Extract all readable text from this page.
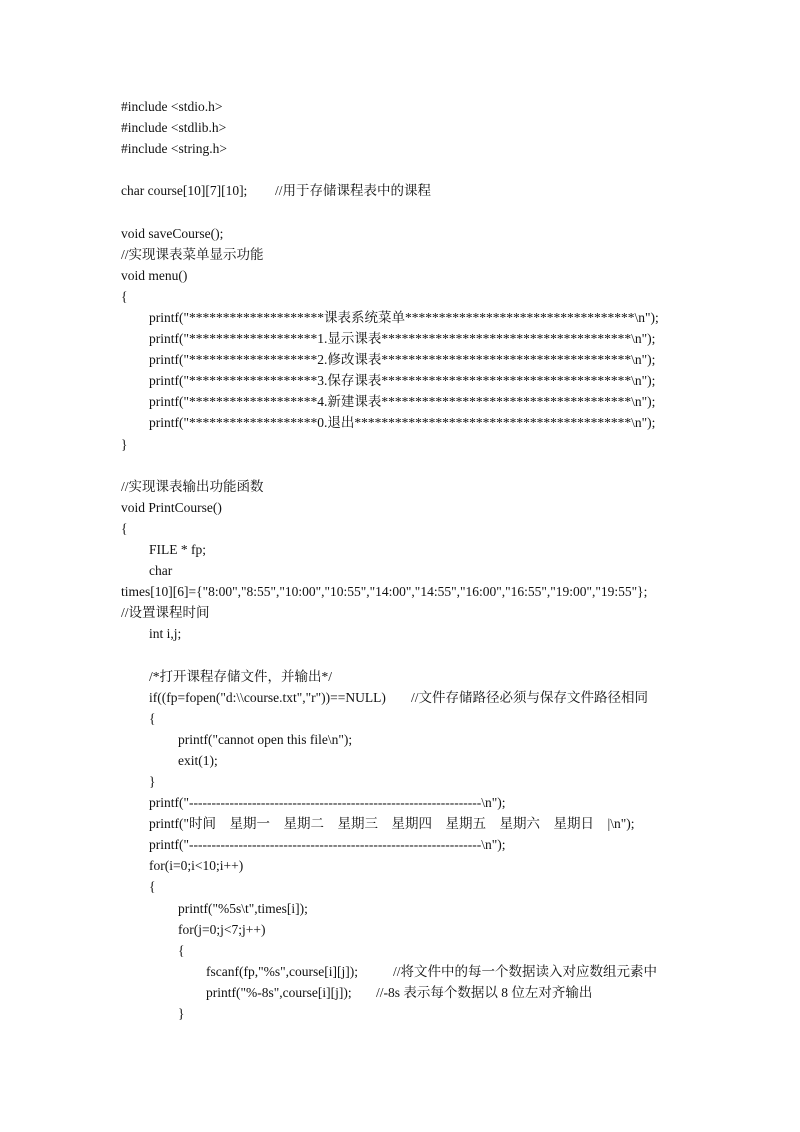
#include <stdio.h>
#include <stdlib.h>
#include <string.h>
char course[10][7][10]; //用于存储课程表中的课程
void saveCourse();
//实现课表菜单显示功能
void menu()
{
printf("********************课表系统菜单**********************************\n");
printf("*******************1.显示课表*************************************\n");
printf("*******************2.修改课表*************************************\n");
printf("*******************3.保存课表*************************************\n");
printf("*******************4.新建课表*************************************\n");
printf("*******************0.退出*****************************************\n");
}
//实现课表输出功能函数
void PrintCourse()
{
FILE * fp;
char
times[10][6]={"8:00","8:55","10:00","10:55","14:00","14:55","16:00","16:55","19:00","19:55"};
//设置课程时间
int i,j;
/*打开课程存储文件，并输出*/
if((fp=fopen("d:\\course.txt","r"))==NULL) //文件存储路径必须与保存文件路径相同
{
printf("cannot open this file\n");
exit(1);
}
printf("-----------------------------------------------------------------\n");
printf("时间    星期一    星期二    星期三    星期四    星期五    星期六    星期日    |\n");
printf("-----------------------------------------------------------------\n");
for(i=0;i<10;i++)
{
printf("%5s\t",times[i]);
for(j=0;j<7;j++)
{
fscanf(fp,"%s",course[i][j]);	//将文件中的每一个数据读入对应数组元素中
printf("%-8s",course[i][j]); //-8s 表示每个数据以 8 位左对齐输出
}
